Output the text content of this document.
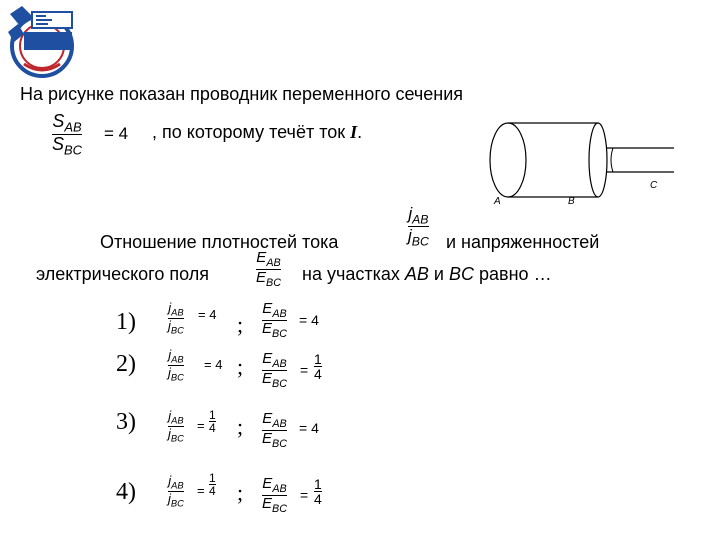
На рисунке показан проводник переменного сечения
$S_{AB}$
$S_{BC}$
= 4 , по которому течёт ток I.
A	B
C
$j_{AB}$
$j_{BC}$
Отношение плотностей тока	и напряженностей
электрического поля
$E_{AB}$
$E_{BC}$ на участках AB и BC равно …
1)
$j_{AB}$
$j_{BC}$
= 4 ;
$E_{AB}$
$E_{BC}$
= 4
2) $j_{AB}$
$j_{BC}$
= 4 ; $E_{AB}$
$E_{BC}$
=
1
4
3) $j_{AB}$
$j_{BC}$
=
1
4 ; $E_{AB}$
$E_{BC}$
= 4
4) $j_{AB}$
$j_{BC}$
=
1
4 ; $E_{AB}$
$E_{BC}$
=
1
4
